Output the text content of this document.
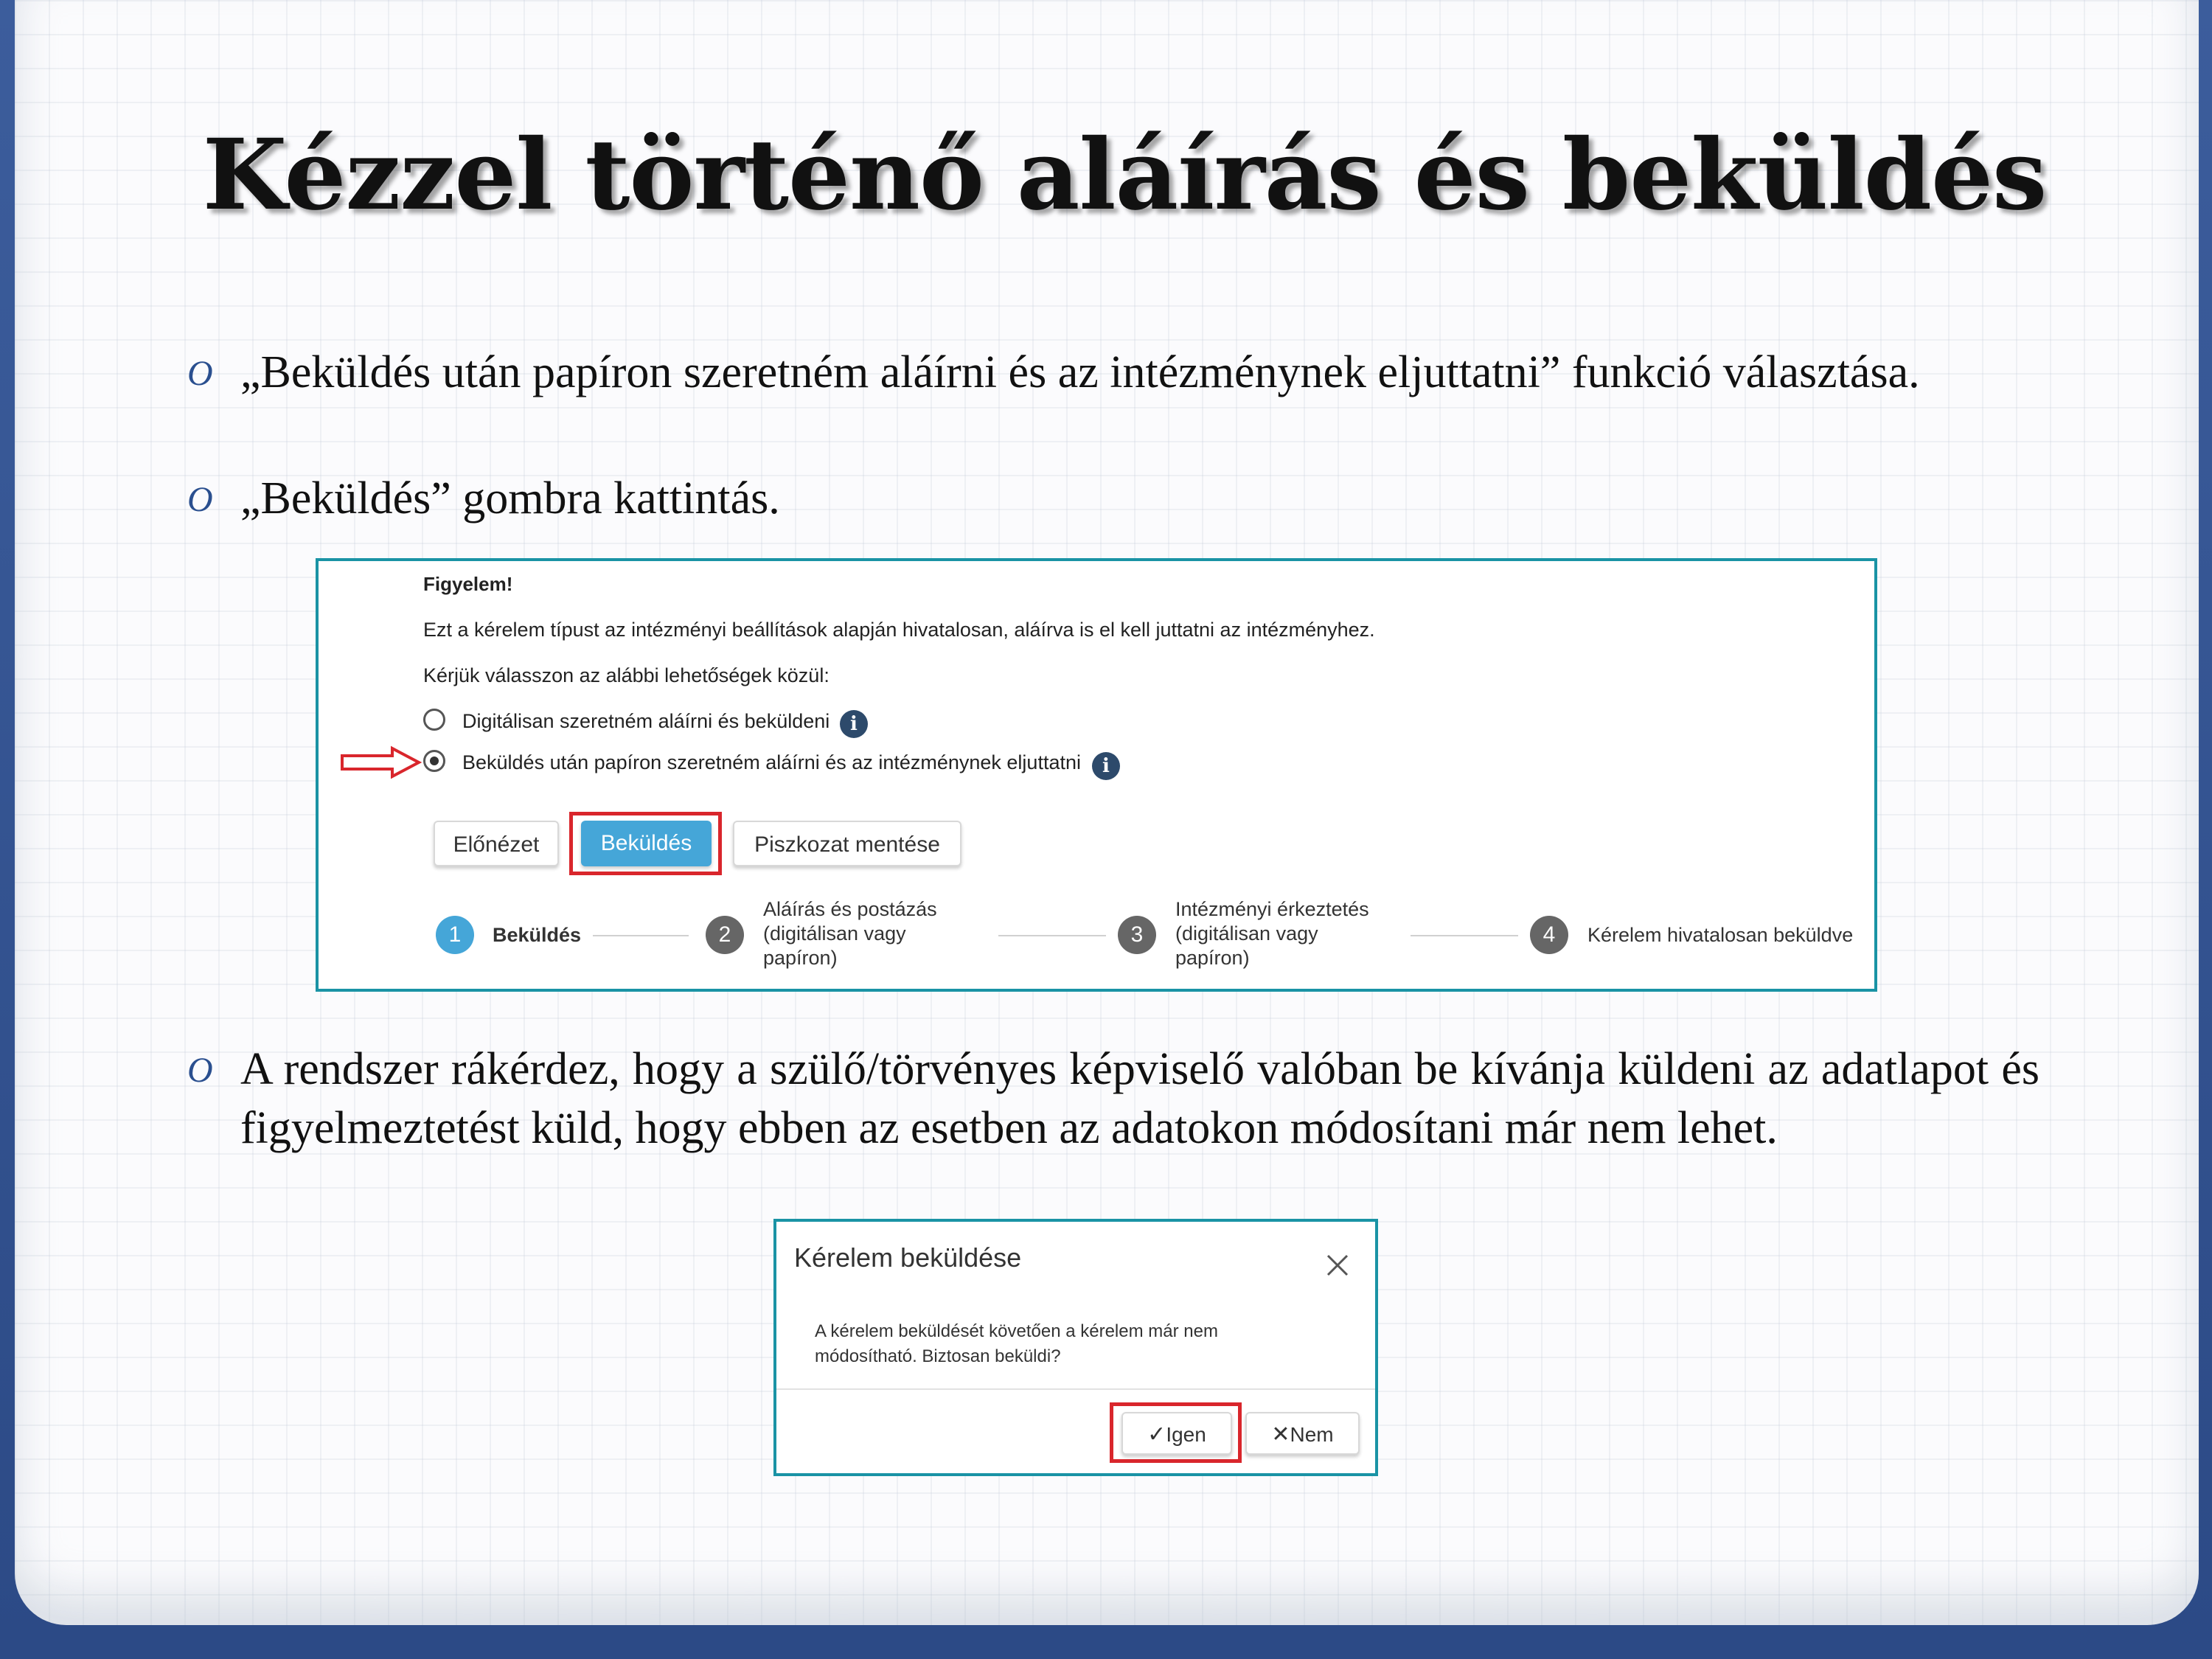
Kézzel történő aláírás és beküldés
O „Beküldés után papíron szeretném aláírni és az intézménynek eljuttatni” funkció választása.
O „Beküldés” gombra kattintás.
O A rendszer rákérdez, hogy a szülő/törvényes képviselő valóban be kívánja küldeni az adatlapot és figyelmeztetést küld, hogy ebben az esetben az adatokon módosítani már nem lehet.
Figyelem!
Ezt a kérelem típust az intézményi beállítások alapján hivatalosan, aláírva is el kell juttatni az intézményhez.
Kérjük válasszon az alábbi lehetőségek közül:
Digitálisan szeretném aláírni és beküldeni	i
Beküldés után papíron szeretném aláírni és az intézménynek eljuttatni	i
Előnézet	Beküldés	Piszkozat mentése
1	Beküldés	2
Aláírás és postázás
(digitálisan vagy
papíron)
3
Intézményi érkeztetés
(digitálisan vagy
papíron)
4	Kérelem hivatalosan beküldve
Kérelem beküldése
A kérelem beküldését követően a kérelem már nem
módosítható. Biztosan beküldi?
✓Igen	✕Nem
